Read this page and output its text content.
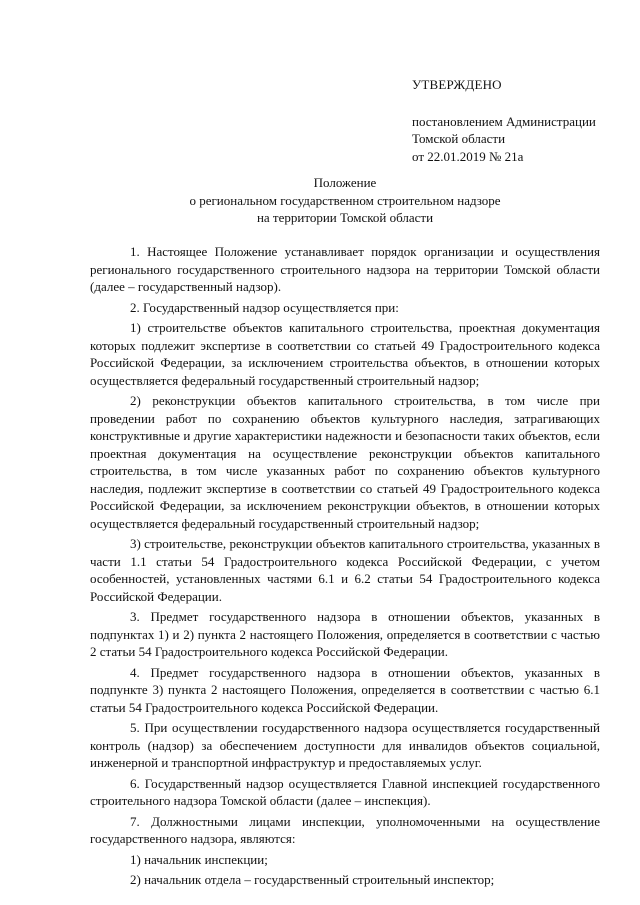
УТВЕРЖДЕНО
постановлением Администрации
Томской области
от 22.01.2019 № 21а
Положение
о региональном государственном строительном надзоре
на территории Томской области

1. Настоящее Положение устанавливает порядок организации и осуществления регионального государственного строительного надзора на территории Томской области (далее – государственный надзор).

2. Государственный надзор осуществляется при:

1) строительстве объектов капитального строительства, проектная документация которых подлежит экспертизе в соответствии со статьей 49 Градостроительного кодекса Российской Федерации, за исключением строительства объектов, в отношении которых осуществляется федеральный государственный строительный надзор;

2) реконструкции объектов капитального строительства, в том числе при проведении работ по сохранению объектов культурного наследия, затрагивающих конструктивные и другие характеристики надежности и безопасности таких объектов, если проектная документация на осуществление реконструкции объектов капитального строительства, в том числе указанных работ по сохранению объектов культурного наследия, подлежит экспертизе в соответствии со статьей 49 Градостроительного кодекса Российской Федерации, за исключением реконструкции объектов, в отношении которых осуществляется федеральный государственный строительный надзор;

3) строительстве, реконструкции объектов капитального строительства, указанных в части 1.1 статьи 54 Градостроительного кодекса Российской Федерации, с учетом особенностей, установленных частями 6.1 и 6.2 статьи 54 Градостроительного кодекса Российской Федерации.

3. Предмет государственного надзора в отношении объектов, указанных в подпунктах 1) и 2) пункта 2 настоящего Положения, определяется в соответствии с частью 2 статьи 54 Градостроительного кодекса Российской Федерации.

4. Предмет государственного надзора в отношении объектов, указанных в подпункте 3) пункта 2 настоящего Положения, определяется в соответствии с частью 6.1 статьи 54 Градостроительного кодекса Российской Федерации.

5. При осуществлении государственного надзора осуществляется государственный контроль (надзор) за обеспечением доступности для инвалидов объектов социальной, инженерной и транспортной инфраструктур и предоставляемых услуг.

6. Государственный надзор осуществляется Главной инспекцией государственного строительного надзора Томской области (далее – инспекция).

7. Должностными лицами инспекции, уполномоченными на осуществление государственного надзора, являются:

1) начальник инспекции;

2) начальник отдела – государственный строительный инспектор;
